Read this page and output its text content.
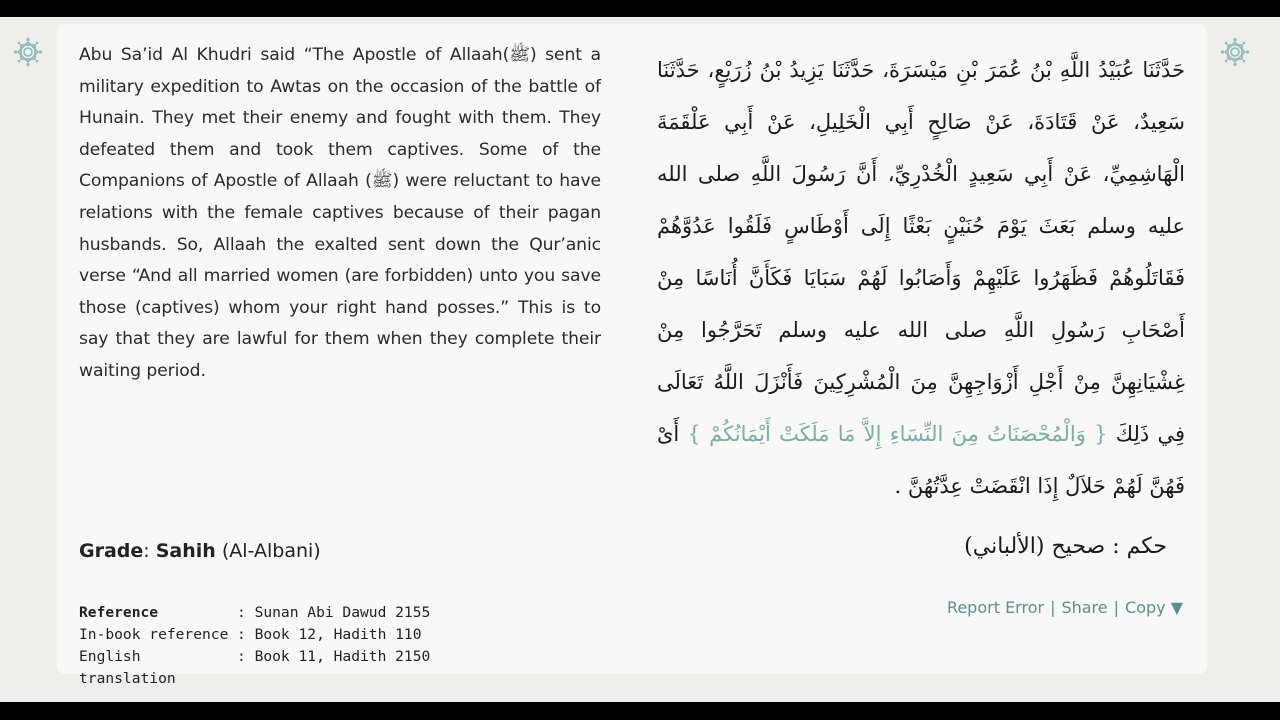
Abu Sa’id Al Khudri said “The Apostle of Allaah(ﷺ) sent a military expedition to Awtas on the occasion of the battle of Hunain. They met their enemy and fought with them. They defeated them and took them captives. Some of the Companions of Apostle of Allaah (ﷺ) were reluctant to have relations with the female captives because of their pagan husbands. So, Allaah the exalted sent down the Qur’anic verse “And all married women (are forbidden) unto you save those (captives) whom your right hand posses.” This is to say that they are lawful for them when they complete their waiting period.
حَدَّثَنَا عُبَيْدُ اللَّهِ بْنُ عُمَرَ بْنِ مَيْسَرَةَ، حَدَّثَنَا يَزِيدُ بْنُ زُرَيْعٍ، حَدَّثَنَا سَعِيدٌ، عَنْ قَتَادَةَ، عَنْ صَالِحٍ أَبِي الْخَلِيلِ، عَنْ أَبِي عَلْقَمَةَ الْهَاشِمِيِّ، عَنْ أَبِي سَعِيدٍ الْخُدْرِيِّ، أَنَّ رَسُولَ اللَّهِ صلى الله عليه وسلم بَعَثَ يَوْمَ حُنَيْنٍ بَعْثًا إِلَى أَوْطَاسٍ فَلَقُوا عَدُوَّهُمْ فَقَاتَلُوهُمْ فَظَهَرُوا عَلَيْهِمْ وَأَصَابُوا لَهُمْ سَبَايَا فَكَأَنَّ أُنَاسًا مِنْ أَصْحَابِ رَسُولِ اللَّهِ صلى الله عليه وسلم تَحَرَّجُوا مِنْ غِشْيَانِهِنَّ مِنْ أَجْلِ أَزْوَاجِهِنَّ مِنَ الْمُشْرِكِينَ فَأَنْزَلَ اللَّهُ تَعَالَى فِي ذَلِكَ { وَالْمُحْصَنَاتُ مِنَ النِّسَاءِ إِلاَّ مَا مَلَكَتْ أَيْمَانُكُمْ } أَىْ فَهُنَّ لَهُمْ حَلاَلٌ إِذَا انْقَضَتْ عِدَّتُهُنَّ .
Grade: Sahih (Al-Albani)	حكم : صحيح (الألباني)
Reference	: Sunan Abi Dawud 2155
In-book reference : Book 12, Hadith 110
English translation
: Book 11, Hadith 2150
Report Error | Share | Copy ▼
